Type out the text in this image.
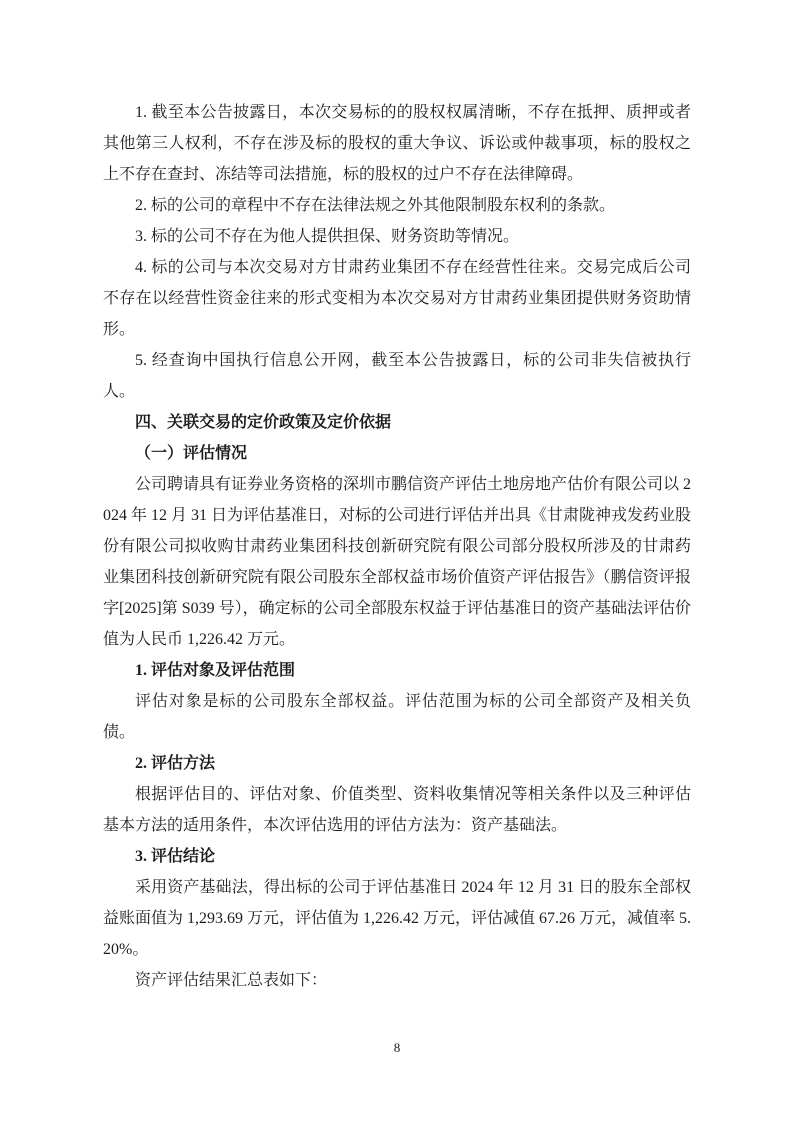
1. 截至本公告披露日，本次交易标的的股权权属清晰，不存在抵押、质押或者其他第三人权利，不存在涉及标的股权的重大争议、诉讼或仲裁事项，标的股权之上不存在查封、冻结等司法措施，标的股权的过户不存在法律障碍。

2. 标的公司的章程中不存在法律法规之外其他限制股东权利的条款。

3. 标的公司不存在为他人提供担保、财务资助等情况。

4. 标的公司与本次交易对方甘肃药业集团不存在经营性往来。交易完成后公司不存在以经营性资金往来的形式变相为本次交易对方甘肃药业集团提供财务资助情形。

5. 经查询中国执行信息公开网，截至本公告披露日，标的公司非失信被执行人。

四、关联交易的定价政策及定价依据

（一）评估情况

公司聘请具有证券业务资格的深圳市鹏信资产评估土地房地产估价有限公司以 2024 年 12 月 31 日为评估基准日，对标的公司进行评估并出具《甘肃陇神戎发药业股份有限公司拟收购甘肃药业集团科技创新研究院有限公司部分股权所涉及的甘肃药业集团科技创新研究院有限公司股东全部权益市场价值资产评估报告》（鹏信资评报字[2025]第 S039 号），确定标的公司全部股东权益于评估基准日的资产基础法评估价值为人民币 1,226.42 万元。

1. 评估对象及评估范围

评估对象是标的公司股东全部权益。评估范围为标的公司全部资产及相关负债。

2. 评估方法

根据评估目的、评估对象、价值类型、资料收集情况等相关条件以及三种评估基本方法的适用条件，本次评估选用的评估方法为：资产基础法。

3. 评估结论

采用资产基础法，得出标的公司于评估基准日 2024 年 12 月 31 日的股东全部权益账面值为 1,293.69 万元，评估值为 1,226.42 万元，评估减值 67.26 万元，减值率 5.20%。

资产评估结果汇总表如下：

8
